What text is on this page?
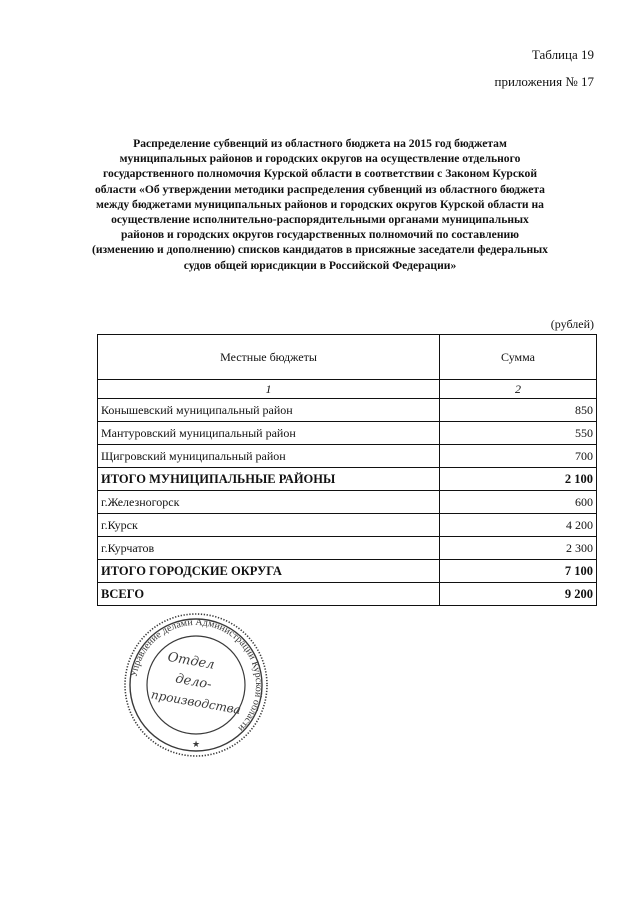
Таблица 19
приложения № 17
Распределение субвенций из областного бюджета на 2015 год бюджетам муниципальных районов и городских округов на осуществление отдельного государственного полномочия Курской области в соответствии с Законом Курской области «Об утверждении методики распределения субвенций из областного бюджета между бюджетами муниципальных районов и городских округов Курской области на осуществление исполнительно-распорядительными органами муниципальных районов и городских округов государственных полномочий по составлению (изменению и дополнению) списков кандидатов в присяжные заседатели федеральных судов общей юрисдикции в Российской Федерации»
(рублей)
Местные бюджеты	Сумма
1	2
Конышевский муниципальный район	850
Мантуровский муниципальный район	550
Щигровский муниципальный район	700
ИТОГО МУНИЦИПАЛЬНЫЕ РАЙОНЫ	2 100
г.Железногорск	600
г.Курск	4 200
г.Курчатов	2 300
ИТОГО ГОРОДСКИЕ ОКРУГА	7 100
ВСЕГО	9 200
Управление делами Администрации Курской области
Отдел
дело-
производства
★
